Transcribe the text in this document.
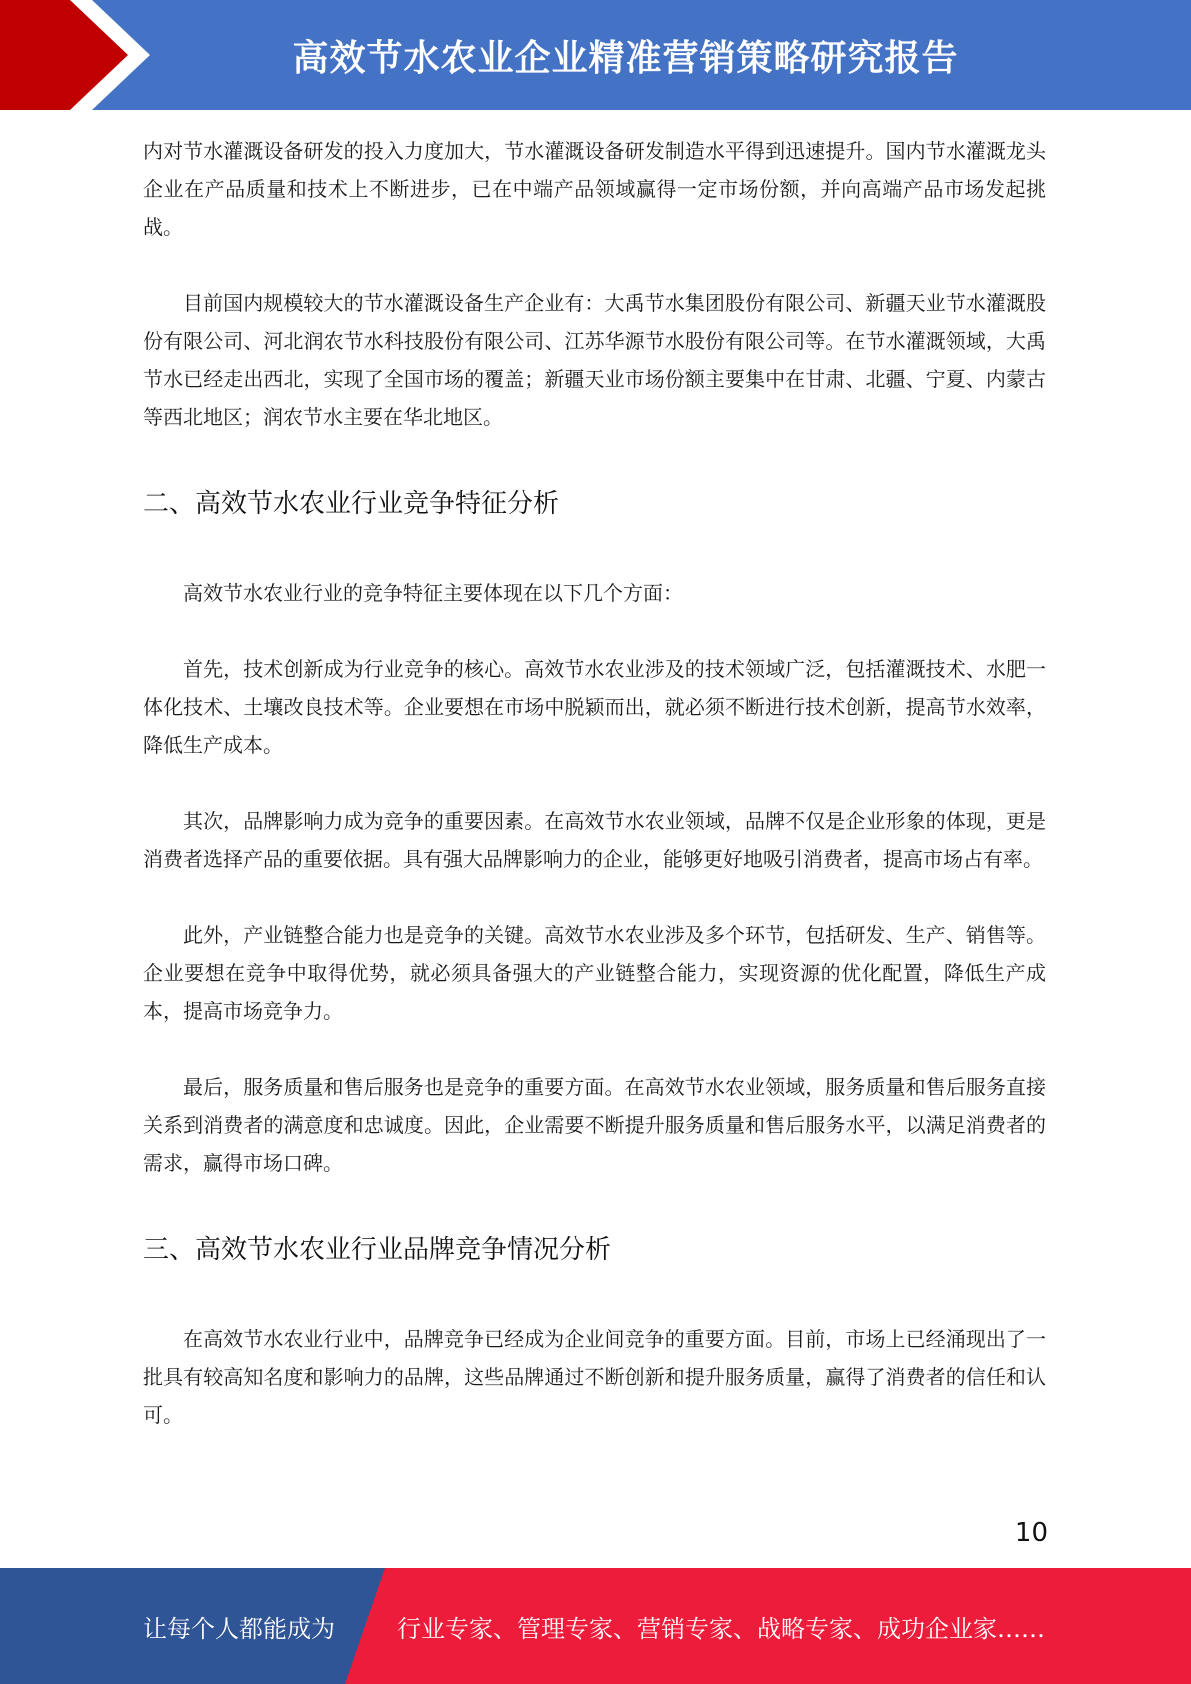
高效节水农业企业精准营销策略研究报告

内对节水灌溉设备研发的投入力度加大，节水灌溉设备研发制造水平得到迅速提升。国内节水灌溉龙头企业在产品质量和技术上不断进步，已在中端产品领域赢得一定市场份额，并向高端产品市场发起挑战。

目前国内规模较大的节水灌溉设备生产企业有：大禹节水集团股份有限公司、新疆天业节水灌溉股份有限公司、河北润农节水科技股份有限公司、江苏华源节水股份有限公司等。在节水灌溉领域，大禹节水已经走出西北，实现了全国市场的覆盖；新疆天业市场份额主要集中在甘肃、北疆、宁夏、内蒙古等西北地区；润农节水主要在华北地区。

二、高效节水农业行业竞争特征分析

高效节水农业行业的竞争特征主要体现在以下几个方面：

首先，技术创新成为行业竞争的核心。高效节水农业涉及的技术领域广泛，包括灌溉技术、水肥一体化技术、土壤改良技术等。企业要想在市场中脱颖而出，就必须不断进行技术创新，提高节水效率，降低生产成本。

其次，品牌影响力成为竞争的重要因素。在高效节水农业领域，品牌不仅是企业形象的体现，更是消费者选择产品的重要依据。具有强大品牌影响力的企业，能够更好地吸引消费者，提高市场占有率。

此外，产业链整合能力也是竞争的关键。高效节水农业涉及多个环节，包括研发、生产、销售等。企业要想在竞争中取得优势，就必须具备强大的产业链整合能力，实现资源的优化配置，降低生产成本，提高市场竞争力。

最后，服务质量和售后服务也是竞争的重要方面。在高效节水农业领域，服务质量和售后服务直接关系到消费者的满意度和忠诚度。因此，企业需要不断提升服务质量和售后服务水平，以满足消费者的需求，赢得市场口碑。

三、高效节水农业行业品牌竞争情况分析

在高效节水农业行业中，品牌竞争已经成为企业间竞争的重要方面。目前，市场上已经涌现出了一批具有较高知名度和影响力的品牌，这些品牌通过不断创新和提升服务质量，赢得了消费者的信任和认可。

10
让每个人都能成为	行业专家、管理专家、营销专家、战略专家、成功企业家……
